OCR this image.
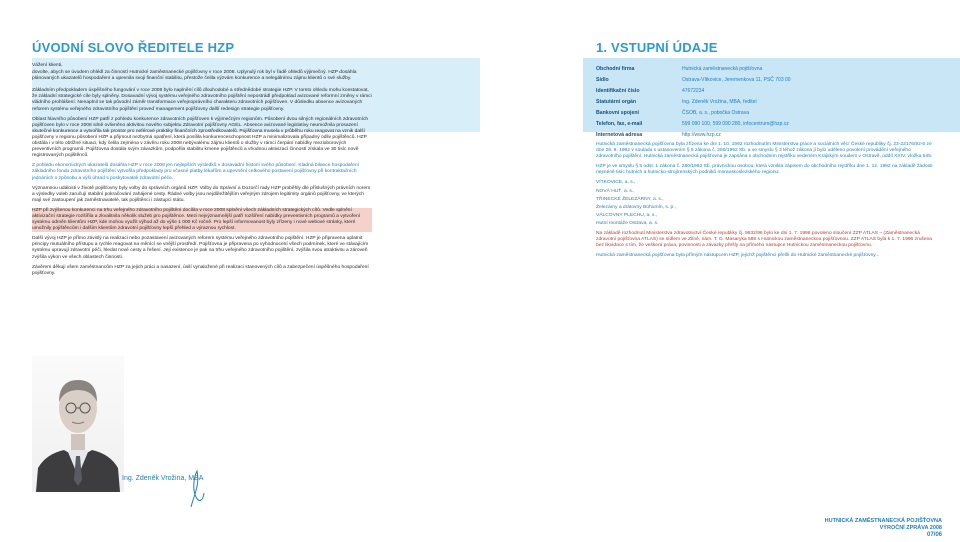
ÚVODNÍ SLOVO ŘEDITELE HZP

Vážení klienti,

dovolte, abych se úvodem ohlédl za činností Hutnické zaměstnanecké pojišťovny v roce 2008. Uplynulý rok byl v řadě ohledů výjimečný. HZP dosáhla plánovaných ukazatelů hospodaření a upevnila svoji finanční stabilitu, přestože čelila výzvám konkurence a nelegálnímu zájmu klientů o své služby.

Základním předpokladem úspěšného fungování v roce 2008 bylo naplnění cílů dlouhodobé a střednědobé strategie HZP. V tomto ohledu mohu konstatovat, že základní strategické cíle byly splněny. Dosavadní vývoj systému veřejného zdravotního pojištění nepostrádl předpoklad avizované reformní změny v rámci vládního prohlášení. Nenaplnil se tak původní záměr transformace veřejnoprávního charakteru zdravotních pojišťoven. V důsledku absence avizovaných reforem systému veřejného zdravotního pojištění proveď management pojišťovny další redesign strategie pojišťovny.

Oblast hlavního působení HZP patří z pohledu konkurence zdravotních pojišťoven k výjimečným regionům. Působení dvou silných regionálních zdravotních pojišťoven bylo v roce 2008 silně ovlivněno aktivitou nového subjektu Zdravotní pojišťovny AGEL. Absence avizované legislativy neumožnila prosazení skutečné konkurence a vytvořila tak prostor pro neférové praktiky finančních zprostředkovatelů. Pojišťovna musela v průběhu roku reagovat na vznik další pojišťovny v regionu působení HZP a přijmout nezbytná opatření, která posílila konkurenceschopnost HZP a minimalizovala případný odliv pojištěnců. HZP obstála i v této obtížné situaci, kdy čelila zejména v závěru roku 2008 nebývalému zájmu klientů o služby v rámci čerpání nabídky mezioborových preventivních programů. Pojišťovna dostála svým závazkům, podpořila stabilitu kmene pojištěnců a vhodnou aktivizací činností získala ve 30 tisíc nově registrovaných pojištěnců.

Z pohledu ekonomických ukazatelů dosáhla HZP v roce 2008 jen nejlepších výsledků v dosavadní historii svého působení. Kladná bilance hospodaření základního fondu zdravotního pojištění vytvořila předpoklady pro včasné platby lékařům a upevnění celkového postavení pojišťovny při kontraktačních jednáních o způsobu a výši úhrad s poskytovateli zdravotní péče.

Významnou události v životě pojišťovny byly volby do správních orgánů HZP. Volby do Správní a Dozorčí rady HZP proběhly dle příslušných právních norem a výsledky voleb zaručují stabilní pokračování zahájené cesty. Řádné volby jsou nejdůležitějším veřejným zdrojem legitimity orgánů pojišťovny, ve kterých mají své zastoupení jak zaměstnavatelé, tak pojištěnci i zástupci státu.

HZP při zvýšenou konkurenci na trhu veřejného zdravotního pojištění docílila v roce 2008 splnění všech základních strategických cílů. Vedle splnění aktivizační strategie rozšířila a zkvalitnila několik služeb pro pojištěnce. Mezi nejvýznamnější patří rozšíření nabídky preventivních programů a vytvoření systému odměn klientům HZP, kde mohou využít výhod až do výše 1 000 Kč ročně. Pro lepší informovanost byly zřízeny i nové webové stránky, které umožnily pojištěncům i dalším klientům zdravotní pojišťovny lepší přehled a výraznou rychlost.

Další vývoj HZP je přímo závislý na realizaci nebo pozastavení avizovaných reforem systému veřejného zdravotního pojištění. HZP je připravena uplatnit principy mutuálního přístupu a rychle reagovat na měnící se vnější prostředí. Pojišťovna je připravena po vyhodnocení všech podmínek, které ve stávajícím systému upravují zdravotní péči, hledat nové cesty a řešení. Její existence je pak na trhu veřejného zdravotního pojištění, zvýšila svou atraktivitu a zároveň zvýšila výkon ve všech oblastech činnosti.

Závěrem děkuji všem zaměstnancům HZP za jejich práci a nasazení, úsilí vynaložené při realizaci stanovených cílů a zabezpečení úspěšného hospodaření pojišťovny.

Ing. Zdeněk Vrožina, MBA
1. VSTUPNÍ ÚDAJE
Obchodní firma	Hutnická zaměstnanecká pojišťovna
Sídlo	Ostrava-Vítkovice, Jeremenkova 11, PSČ 703 00
Identifikační číslo	47672234
Statutární orgán	Ing. Zdeněk Vrožina, MBA, ředitel
Bankovní spojení	ČSOB, a. s., pobočka Ostrava
Telefon, fax, e-mail	599 090 100, 599 090 280, infocentrum@hzp.cz
Internetová adresa	http://www.hzp.cz

Hutnická zaměstnanecká pojišťovna byla zřízena ke dni 1. 10. 1992 rozhodnutím Ministerstva práce a sociálních věcí České republiky čj. 23-22176/92-5 ze dne 28. 9. 1992 v souladu s ustanovením § 5 zákona č. 280/1992 Sb. a ve smyslu § 3 téhož zákona jí bylo uděleno povolení provádění veřejného zdravotního pojištění. Hutnická zaměstnanecká pojišťovna je zapsána v obchodním rejstříku vedeném Krajským soudem v Ostravě, oddíl XXIV, vložka 545.

HZP je ve smyslu § 5 odst. 1 zákona č. 280/1992 Sb. právnickou osobou, která vznikla zápisem do obchodního rejstříku dne 1. 12. 1992 na základě žádosti nejméně tisíc hutních a hutnicko-strojírenských podniků moravskoslezského regionu:

VÍTKOVICE, a. s.,

NOVÁ HUŤ, a. s.,

TŘINECKÉ ŽELEZÁRNY, a. s.,

Železárny a drátovny Bohumín, s. p.,

VÁLCOVNY PLECHU, a. s.,

Hutní montáže Ostrava, a. s.

Na základě rozhodnutí Ministerstva zdravotnictví České republiky čj. 9632/96 bylo ke dni 1. 7. 1996 povoleno sloučení ZZP ATLAS – (Zaměstnanecká zdravotní pojišťovna ATLAS) se sídlem ve Zlíně, nám. T. G. Masaryka 588 s Hutnickou zaměstnaneckou pojišťovnou. ZZP ATLAS byla k 1. 7. 1996 zrušena bez likvidace s tím, že veškerá práva, povinnosti a závazky přešly na přímého nástupce Hutnickou zaměstnaneckou pojišťovnu.

Hutnická zaměstnanecká pojišťovna byla přímým nástupcem HZP, jejichž pojištěnci přešli do Hutnické zaměstnanecké pojišťovny...

HUTNICKÁ ZAMĚSTNANECKÁ POJIŠŤOVNA
VÝROČNÍ ZPRÁVA 2008
07/06
